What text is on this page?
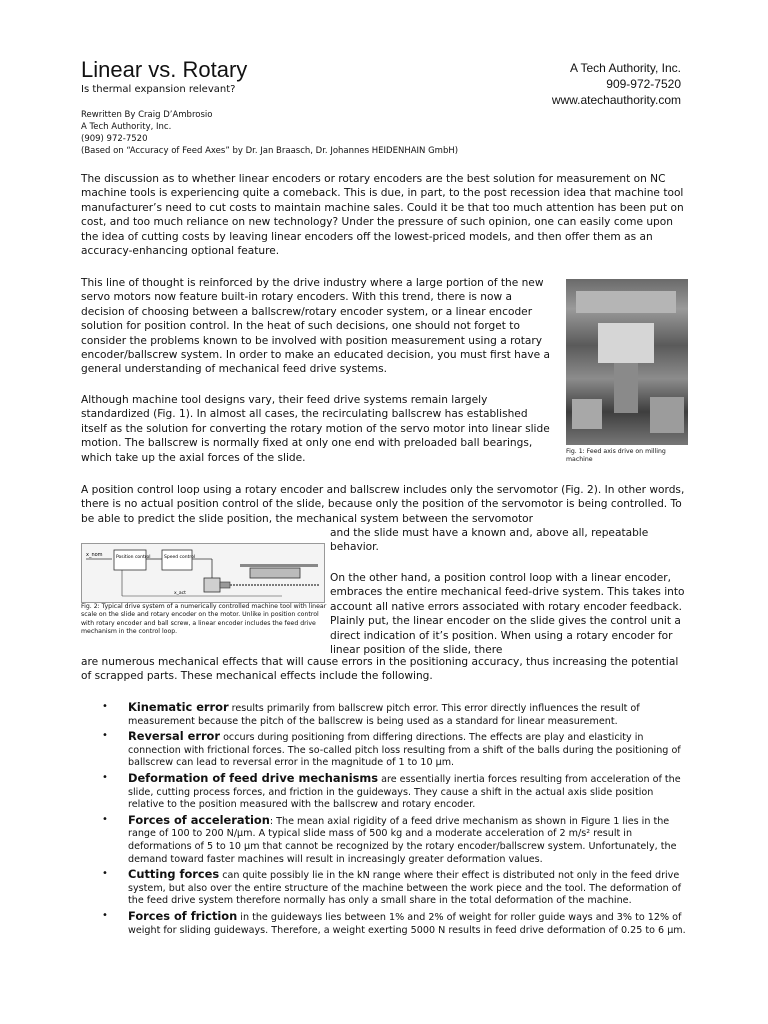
Linear vs. Rotary
Is thermal expansion relevant?
A Tech Authority, Inc.
909-972-7520
www.atechauthority.com
Rewritten By Craig D’Ambrosio
A Tech Authority, Inc.
(909) 972-7520
(Based on “Accuracy of Feed Axes” by Dr. Jan Braasch, Dr. Johannes HEIDENHAIN GmbH)

The discussion as to whether linear encoders or rotary encoders are the best solution for measurement on NC machine tools is experiencing quite a comeback. This is due, in part, to the post recession idea that machine tool manufacturer’s need to cut costs to maintain machine sales. Could it be that too much attention has been put on cost, and too much reliance on new technology? Under the pressure of such opinion, one can easily come upon the idea of cutting costs by leaving linear encoders off the lowest-priced models, and then offer them as an accuracy-enhancing optional feature.

This line of thought is reinforced by the drive industry where a large portion of the new servo motors now feature built-in rotary encoders. With this trend, there is now a decision of choosing between a ballscrew/rotary encoder system, or a linear encoder solution for position control. In the heat of such decisions, one should not forget to consider the problems known to be involved with position measurement using a rotary encoder/ballscrew system. In order to make an educated decision, you must first have a general understanding of mechanical feed drive systems.

Although machine tool designs vary, their feed drive systems remain largely standardized (Fig. 1). In almost all cases, the recirculating ballscrew has established itself as the solution for converting the rotary motion of the servo motor into linear slide motion. The ballscrew is normally fixed at only one end with preloaded ball bearings, which take up the axial forces of the slide.

Fig. 1: Feed axis drive on milling machine

A position control loop using a rotary encoder and ballscrew includes only the servomotor (Fig. 2). In other words, there is no actual position control of the slide, because only the position of the servomotor is being controlled. To be able to predict the slide position, the mechanical system between the servomotor

and the slide must have a known and, above all, repeatable behavior.

x_nom	Position control	Speed control
x_act
Fig. 2: Typical drive system of a numerically controlled machine tool with linear scale on the slide and rotary encoder on the motor. Unlike in position control with rotary encoder and ball screw, a linear encoder includes the feed drive mechanism in the control loop.

On the other hand, a position control loop with a linear encoder, embraces the entire mechanical feed-drive system. This takes into account all native errors associated with rotary encoder feedback. Plainly put, the linear encoder on the slide gives the control unit a direct indication of it’s position. When using a rotary encoder for linear position of the slide, there

are numerous mechanical effects that will cause errors in the positioning accuracy, thus increasing the potential of scrapped parts. These mechanical effects include the following.

• Kinematic error results primarily from ballscrew pitch error. This error directly influences the result of measurement because the pitch of the ballscrew is being used as a standard for linear measurement.
• Reversal error occurs during positioning from differing directions. The effects are play and elasticity in connection with frictional forces. The so-called pitch loss resulting from a shift of the balls during the positioning of ballscrew can lead to reversal error in the magnitude of 1 to 10 µm.
• Deformation of feed drive mechanisms are essentially inertia forces resulting from acceleration of the slide, cutting process forces, and friction in the guideways. They cause a shift in the actual axis slide position relative to the position measured with the ballscrew and rotary encoder.
• Forces of acceleration: The mean axial rigidity of a feed drive mechanism as shown in Figure 1 lies in the range of 100 to 200 N/µm. A typical slide mass of 500 kg and a moderate acceleration of 2 m/s² result in deformations of 5 to 10 µm that cannot be recognized by the rotary encoder/ballscrew system. Unfortunately, the demand toward faster machines will result in increasingly greater deformation values.
• Cutting forces can quite possibly lie in the kN range where their effect is distributed not only in the feed drive system, but also over the entire structure of the machine between the work piece and the tool. The deformation of the feed drive system therefore normally has only a small share in the total deformation of the machine.
• Forces of friction in the guideways lies between 1% and 2% of weight for roller guide ways and 3% to 12% of weight for sliding guideways. Therefore, a weight exerting 5000 N results in feed drive deformation of 0.25 to 6 µm.
